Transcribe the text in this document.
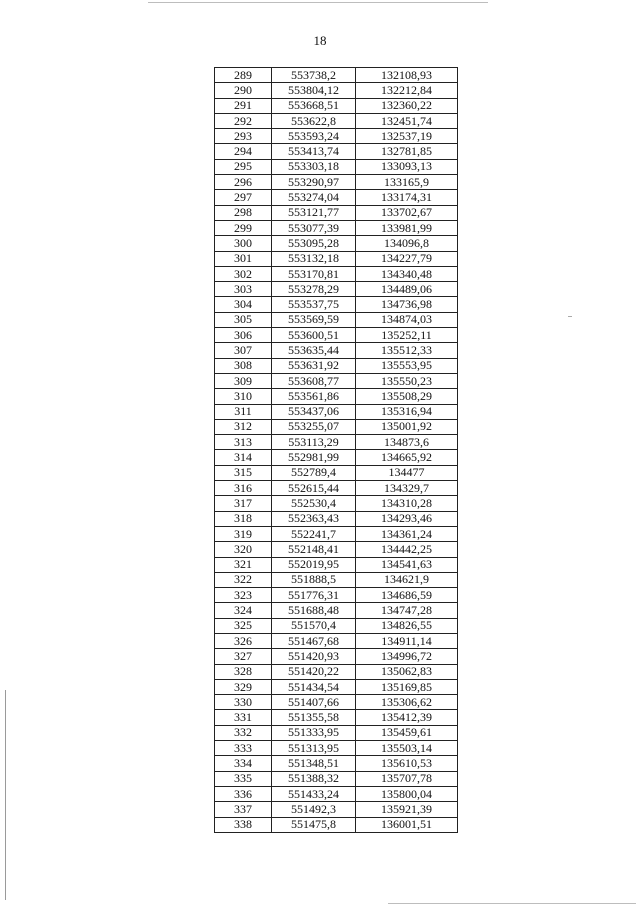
18
289	553738,2	132108,93
290	553804,12	132212,84
291	553668,51	132360,22
292	553622,8	132451,74
293	553593,24	132537,19
294	553413,74	132781,85
295	553303,18	133093,13
296	553290,97	133165,9
297	553274,04	133174,31
298	553121,77	133702,67
299	553077,39	133981,99
300	553095,28	134096,8
301	553132,18	134227,79
302	553170,81	134340,48
303	553278,29	134489,06
304	553537,75	134736,98
305	553569,59	134874,03
306	553600,51	135252,11
307	553635,44	135512,33
308	553631,92	135553,95
309	553608,77	135550,23
310	553561,86	135508,29
311	553437,06	135316,94
312	553255,07	135001,92
313	553113,29	134873,6
314	552981,99	134665,92
315	552789,4	134477
316	552615,44	134329,7
317	552530,4	134310,28
318	552363,43	134293,46
319	552241,7	134361,24
320	552148,41	134442,25
321	552019,95	134541,63
322	551888,5	134621,9
323	551776,31	134686,59
324	551688,48	134747,28
325	551570,4	134826,55
326	551467,68	134911,14
327	551420,93	134996,72
328	551420,22	135062,83
329	551434,54	135169,85
330	551407,66	135306,62
331	551355,58	135412,39
332	551333,95	135459,61
333	551313,95	135503,14
334	551348,51	135610,53
335	551388,32	135707,78
336	551433,24	135800,04
337	551492,3	135921,39
338	551475,8	136001,51
